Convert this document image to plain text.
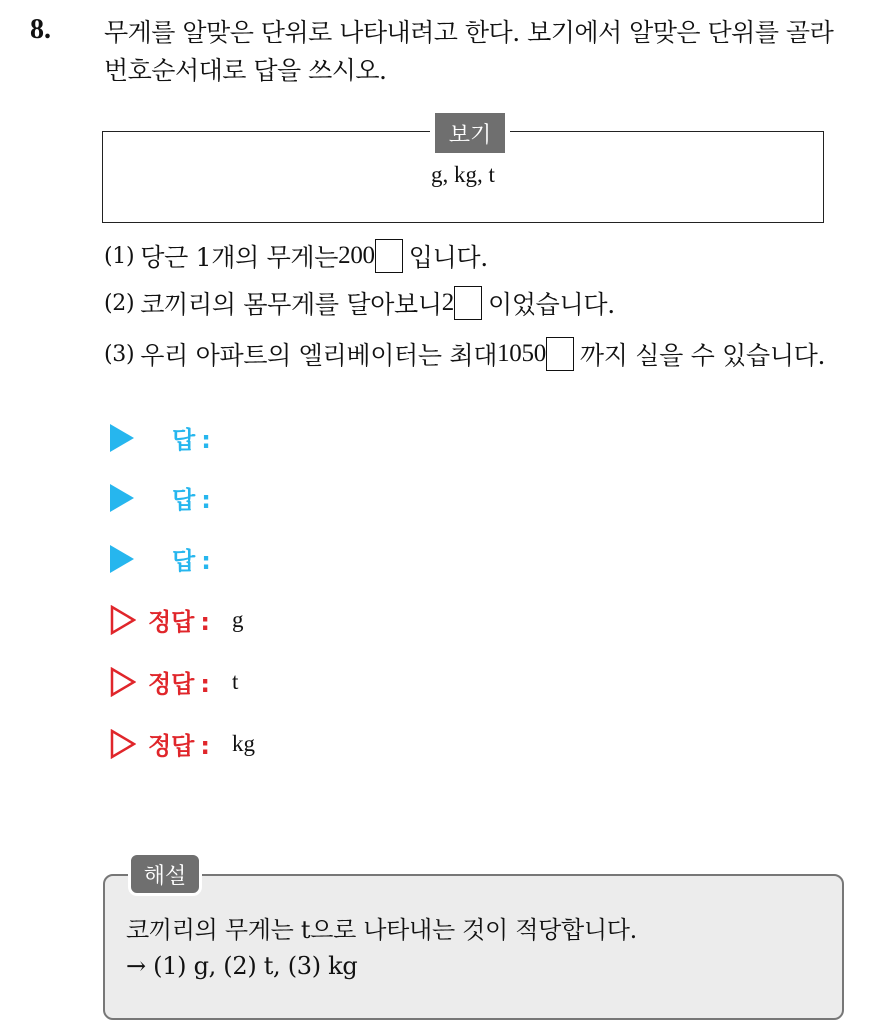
8. 무게를 알맞은 단위로 나타내려고 한다. 보기에서 알맞은 단위를 골라 번호순서대로 답을 쓰시오.
보기
g, kg, t
(1) 당근 1개의 무게는 200 입니다.
(2) 코끼리의 몸무게를 달아보니 2 이었습니다.
(3) 우리 아파트의 엘리베이터는 최대 1050 까지 실을 수 있습니다.
답 :
답 :
답 :
정답 : g
정답 : t
정답 : kg
해설
코끼리의 무게는 t으로 나타내는 것이 적당합니다.
→ (1) g, (2) t, (3) kg
